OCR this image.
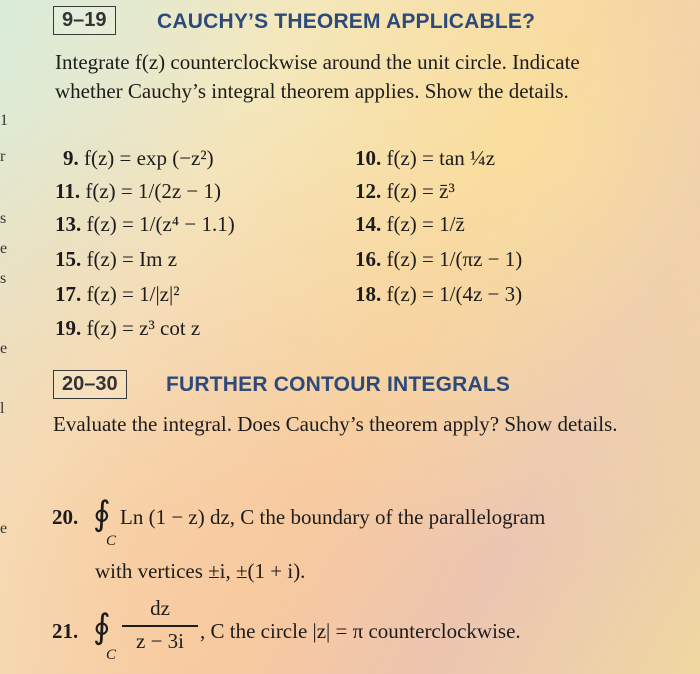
1
r
s
e
s
e
l
e
9–19	CAUCHY’S THEOREM APPLICABLE?
Integrate f(z) counterclockwise around the unit circle. Indicate whether Cauchy’s integral theorem applies. Show the details.
9. f(z) = exp (−z²)	10. f(z) = tan ¼z
11. f(z) = 1/(2z − 1)	12. f(z) = z̄³
13. f(z) = 1/(z⁴ − 1.1)	14. f(z) = 1/z̄
15. f(z) = Im z	16. f(z) = 1/(πz − 1)
17. f(z) = 1/|z|²	18. f(z) = 1/(4z − 3)
19. f(z) = z³ cot z
20–30	FURTHER CONTOUR INTEGRALS
Evaluate the integral. Does Cauchy’s theorem apply? Show details.
20. ∮
C
Ln (1 − z) dz, C the boundary of the parallelogram
with vertices ±i, ±(1 + i).
21. ∮
C
dz
z − 3i , C the circle |z| = π counterclockwise.
